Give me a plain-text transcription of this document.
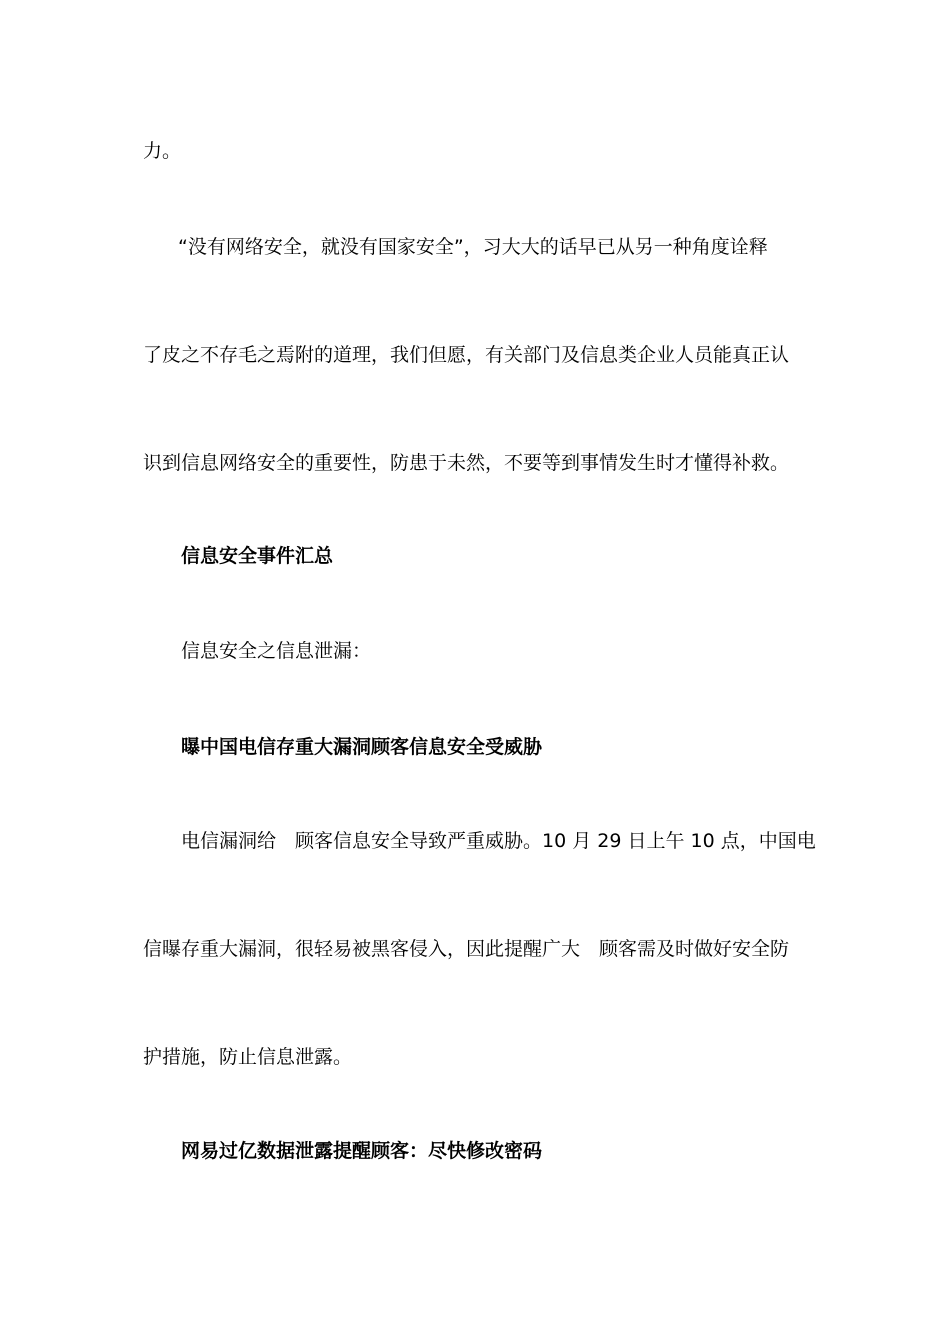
力。
“没有网络安全，就没有国家安全”，习大大的话早已从另一种角度诠释
了皮之不存毛之焉附的道理，我们但愿，有关部门及信息类企业人员能真正认
识到信息网络安全的重要性，防患于未然，不要等到事情发生时才懂得补救。
信息安全事件汇总
信息安全之信息泄漏：
曝中国电信存重大漏洞顾客信息安全受威胁
电信漏洞给　顾客信息安全导致严重威胁。10 月 29 日上午 10 点，中国电
信曝存重大漏洞，很轻易被黑客侵入，因此提醒广大　顾客需及时做好安全防
护措施，防止信息泄露。
网易过亿数据泄露提醒顾客：尽快修改密码
